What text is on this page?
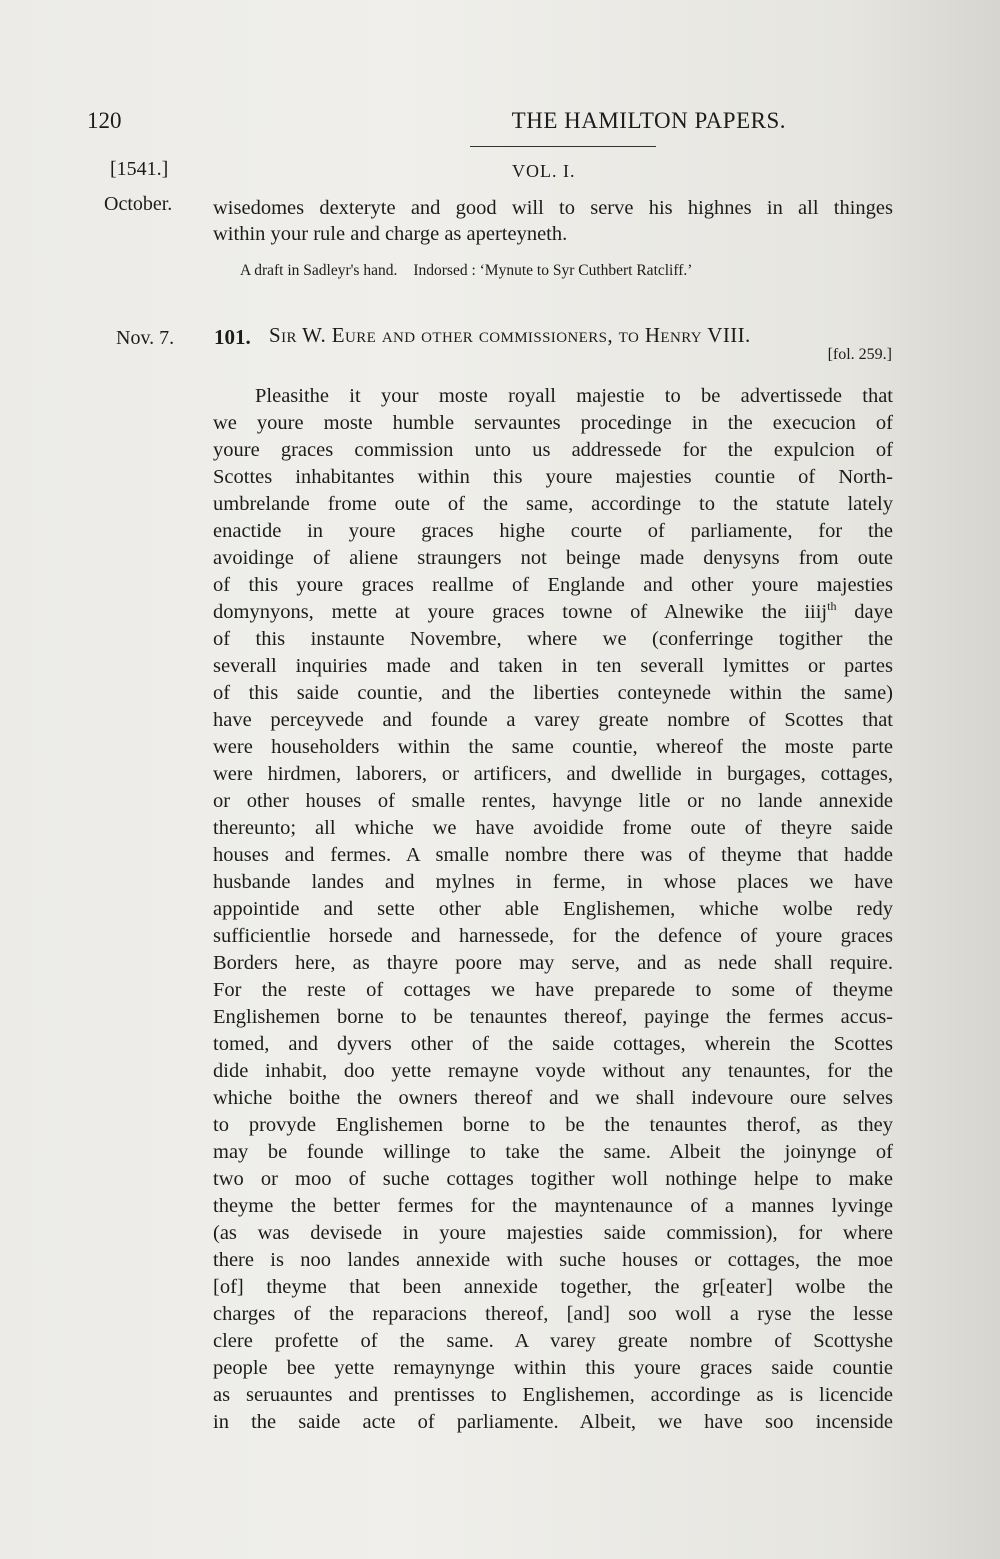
120	THE HAMILTON PAPERS.
[1541.]	VOL. I.
October. wisedomes dexteryte and good will to serve his highnes in all thinges
within your rule and charge as aperteyneth.
A draft in Sadleyr's hand. Indorsed : ‘Mynute to Syr Cuthbert Ratcliff.’
Nov. 7. 101. Sir W. Eure and other commissioners, to Henry VIII.
[fol. 259.]
Pleasithe it your moste royall majestie to be advertissede that
we youre moste humble servauntes procedinge in the execucion of
youre graces commission unto us addressede for the expulcion of
Scottes inhabitantes within this youre majesties countie of North-
umbrelande frome oute of the same, accordinge to the statute lately
enactide in youre graces highe courte of parliamente, for the
avoidinge of aliene straungers not beinge made denysyns from oute
of this youre graces reallme of Englande and other youre majesties
domynyons, mette at youre graces towne of Alnewike the iiij$^{th}$ daye
of this instaunte Novembre, where we (conferringe togither the
severall inquiries made and taken in ten severall lymittes or partes
of this saide countie, and the liberties conteynede within the same)
have perceyvede and founde a varey greate nombre of Scottes that
were householders within the same countie, whereof the moste parte
were hirdmen, laborers, or artificers, and dwellide in burgages, cottages,
or other houses of smalle rentes, havynge litle or no lande annexide
thereunto; all whiche we have avoidide frome oute of theyre saide
houses and fermes. A smalle nombre there was of theyme that hadde
husbande landes and mylnes in ferme, in whose places we have
appointide and sette other able Englishemen, whiche wolbe redy
sufficientlie horsede and harnessede, for the defence of youre graces
Borders here, as thayre poore may serve, and as nede shall require.
For the reste of cottages we have preparede to some of theyme
Englishemen borne to be tenauntes thereof, payinge the fermes accus-
tomed, and dyvers other of the saide cottages, wherein the Scottes
dide inhabit, doo yette remayne voyde without any tenauntes, for the
whiche boithe the owners thereof and we shall indevoure oure selves
to provyde Englishemen borne to be the tenauntes therof, as they
may be founde willinge to take the same. Albeit the joinynge of
two or moo of suche cottages togither woll nothinge helpe to make
theyme the better fermes for the mayntenaunce of a mannes lyvinge
(as was devisede in youre majesties saide commission), for where
there is noo landes annexide with suche houses or cottages, the moe
[of] theyme that been annexide together, the gr[eater] wolbe the
charges of the reparacions thereof, [and] soo woll a ryse the lesse
clere profette of the same. A varey greate nombre of Scottyshe
people bee yette remaynynge within this youre graces saide countie
as seruauntes and prentisses to Englishemen, accordinge as is licencide
in the saide acte of parliamente. Albeit, we have soo incenside
